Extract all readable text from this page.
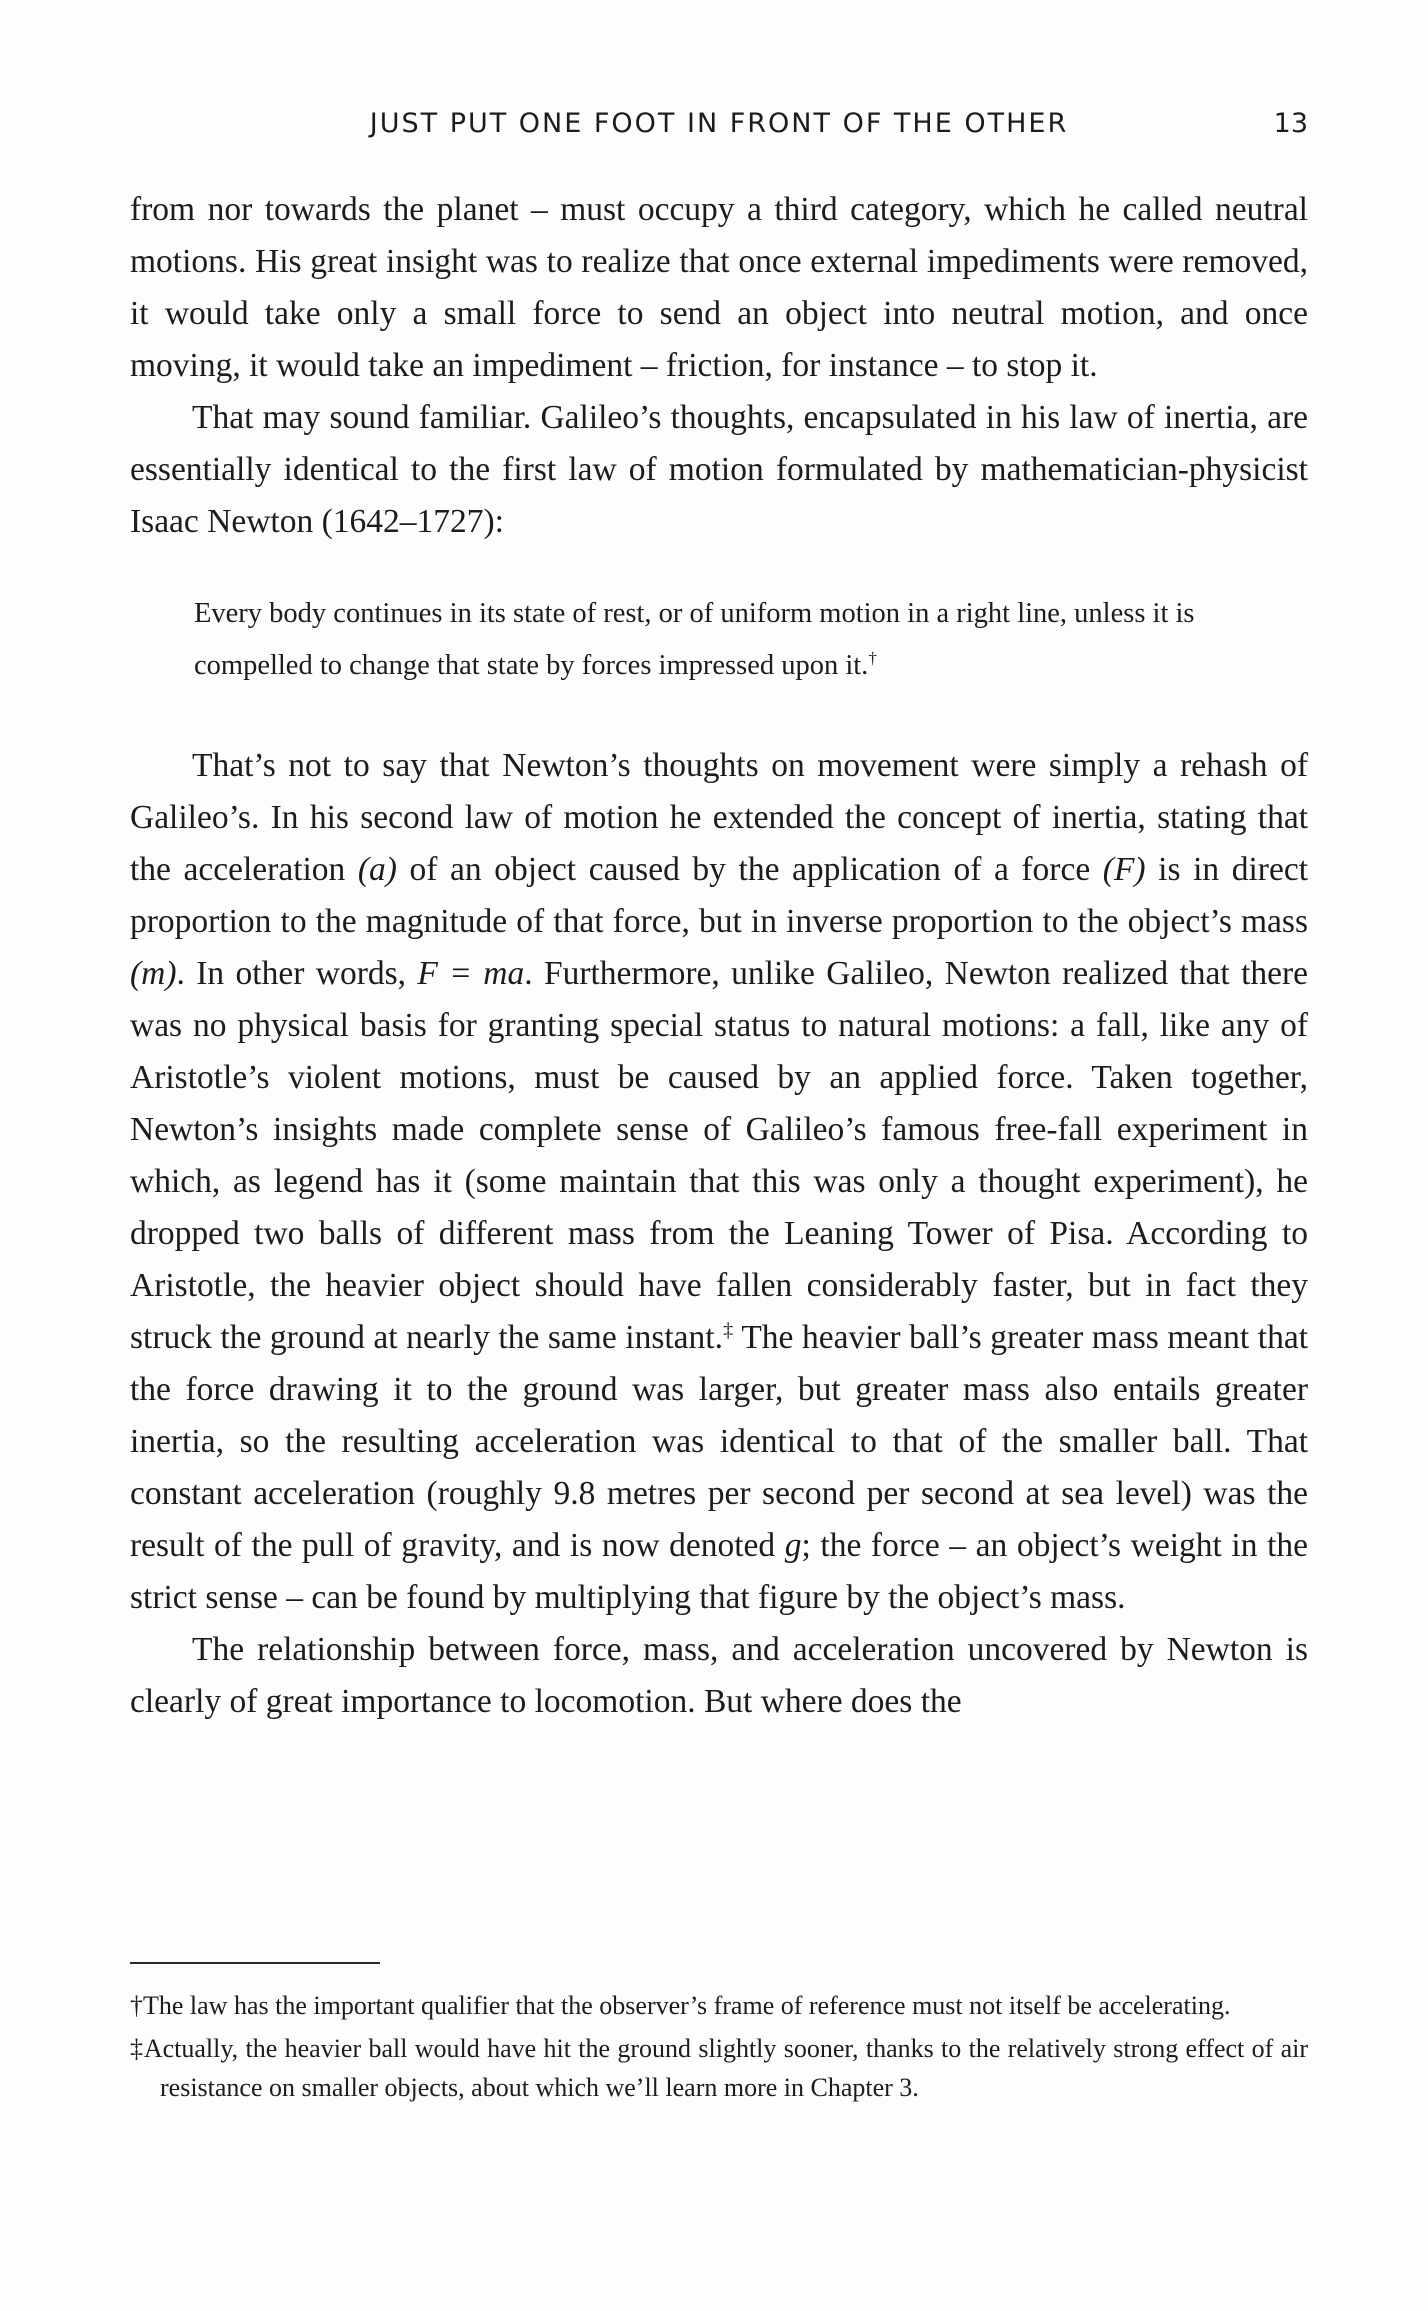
JUST PUT ONE FOOT IN FRONT OF THE OTHER	13

from nor towards the planet – must occupy a third category, which he called neutral motions. His great insight was to realize that once external impediments were removed, it would take only a small force to send an object into neutral motion, and once moving, it would take an impediment – friction, for instance – to stop it.

That may sound familiar. Galileo’s thoughts, encapsulated in his law of inertia, are essentially identical to the first law of motion formulated by mathematician-physicist Isaac Newton (1642–1727):

Every body continues in its state of rest, or of uniform motion in a right line, unless it is compelled to change that state by forces impressed upon it.†

That’s not to say that Newton’s thoughts on movement were simply a rehash of Galileo’s. In his second law of motion he extended the concept of inertia, stating that the acceleration (a) of an object caused by the application of a force (F) is in direct proportion to the magnitude of that force, but in inverse proportion to the object’s mass (m). In other words, F = ma. Furthermore, unlike Galileo, Newton realized that there was no physical basis for granting special status to natural motions: a fall, like any of Aristotle’s violent motions, must be caused by an applied force. Taken together, Newton’s insights made complete sense of Galileo’s famous free-fall experiment in which, as legend has it (some maintain that this was only a thought experiment), he dropped two balls of different mass from the Leaning Tower of Pisa. According to Aristotle, the heavier object should have fallen considerably faster, but in fact they struck the ground at nearly the same instant.‡ The heavier ball’s greater mass meant that the force drawing it to the ground was larger, but greater mass also entails greater inertia, so the resulting acceleration was identical to that of the smaller ball. That constant acceleration (roughly 9.8 metres per second per second at sea level) was the result of the pull of gravity, and is now denoted g; the force – an object’s weight in the strict sense – can be found by multiplying that figure by the object’s mass.

The relationship between force, mass, and acceleration uncovered by Newton is clearly of great importance to locomotion. But where does the

†The law has the important qualifier that the observer’s frame of reference must not itself be accelerating.

‡Actually, the heavier ball would have hit the ground slightly sooner, thanks to the relatively strong effect of air resistance on smaller objects, about which we’ll learn more in Chapter 3.
